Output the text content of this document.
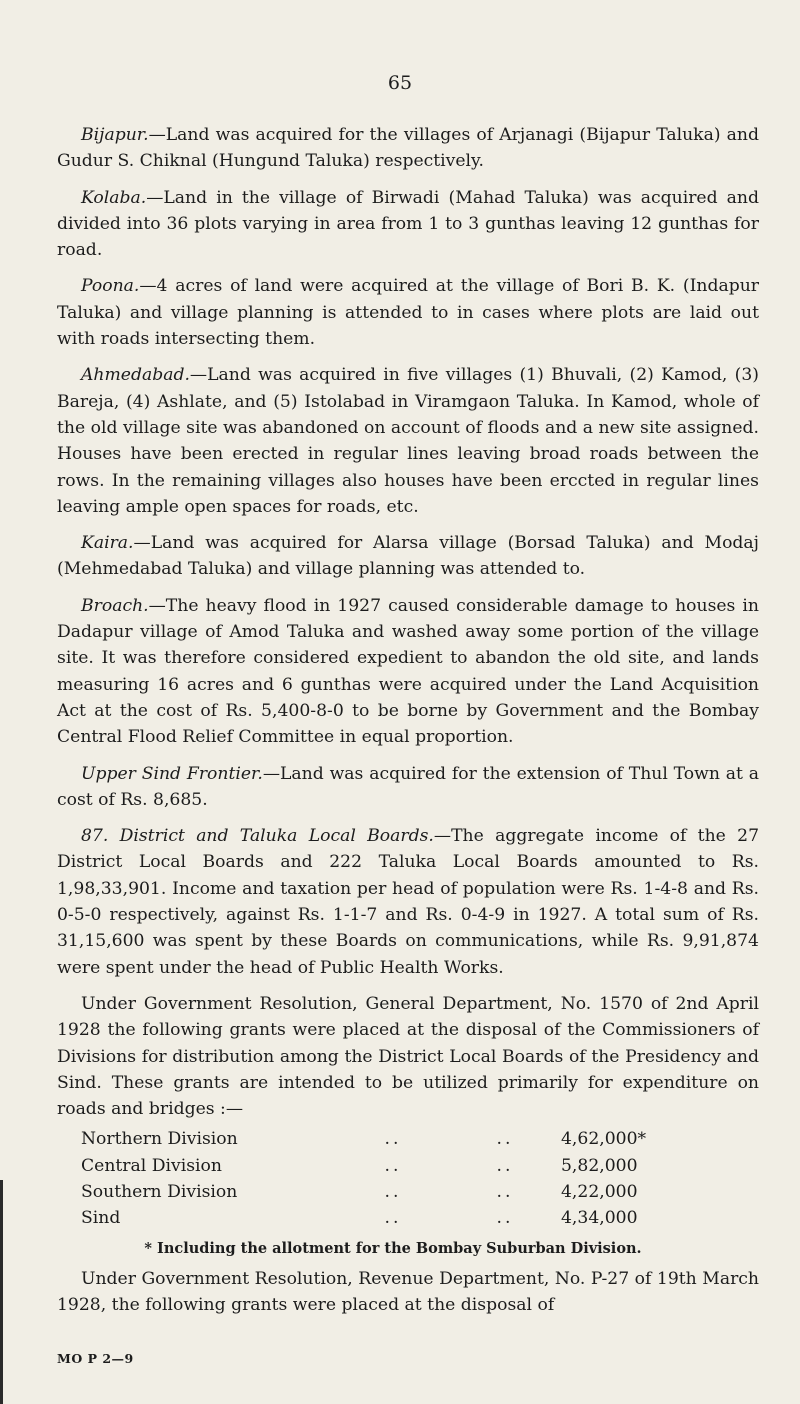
65

Bijapur.—Land was acquired for the villages of Arjanagi (Bijapur Taluka) and Gudur S. Chiknal (Hungund Taluka) respectively.

Kolaba.—Land in the village of Birwadi (Mahad Taluka) was acquired and divided into 36 plots varying in area from 1 to 3 gunthas leaving 12 gunthas for road.

Poona.—4 acres of land were acquired at the village of Bori B. K. (Indapur Taluka) and village planning is attended to in cases where plots are laid out with roads intersecting them.

Ahmedabad.—Land was acquired in five villages (1) Bhuvali, (2) Kamod, (3) Bareja, (4) Ashlate, and (5) Istolabad in Viramgaon Taluka. In Kamod, whole of the old village site was abandoned on account of floods and a new site assigned. Houses have been erected in regular lines leaving broad roads between the rows. In the remaining villages also houses have been erccted in regular lines leaving ample open spaces for roads, etc.

Kaira.—Land was acquired for Alarsa village (Borsad Taluka) and Modaj (Mehmedabad Taluka) and village planning was attended to.

Broach.—The heavy flood in 1927 caused considerable damage to houses in Dadapur village of Amod Taluka and washed away some portion of the village site. It was therefore considered expedient to abandon the old site, and lands measuring 16 acres and 6 gunthas were acquired under the Land Acquisition Act at the cost of Rs. 5,400-8-0 to be borne by Government and the Bombay Central Flood Relief Committee in equal proportion.

Upper Sind Frontier.—Land was acquired for the extension of Thul Town at a cost of Rs. 8,685.

87. District and Taluka Local Boards.—The aggregate income of the 27 District Local Boards and 222 Taluka Local Boards amounted to Rs. 1,98,33,901. Income and taxation per head of population were Rs. 1-4-8 and Rs. 0-5-0 respectively, against Rs. 1-1-7 and Rs. 0-4-9 in 1927. A total sum of Rs. 31,15,600 was spent by these Boards on communications, while Rs. 9,91,874 were spent under the head of Public Health Works.

Under Government Resolution, General Department, No. 1570 of 2nd April 1928 the following grants were placed at the disposal of the Commissioners of Divisions for distribution among the District Local Boards of the Presidency and Sind. These grants are intended to be utilized primarily for expenditure on roads and bridges :—

Northern Division	..	..	4,62,000*
Central Division	..	..	5,82,000
Southern Division	..	..	4,22,000
Sind	..	..	4,34,000
* Including the allotment for the Bombay Suburban Division.

Under Government Resolution, Revenue Department, No. P-27 of 19th March 1928, the following grants were placed at the disposal of

MO P 2—9
